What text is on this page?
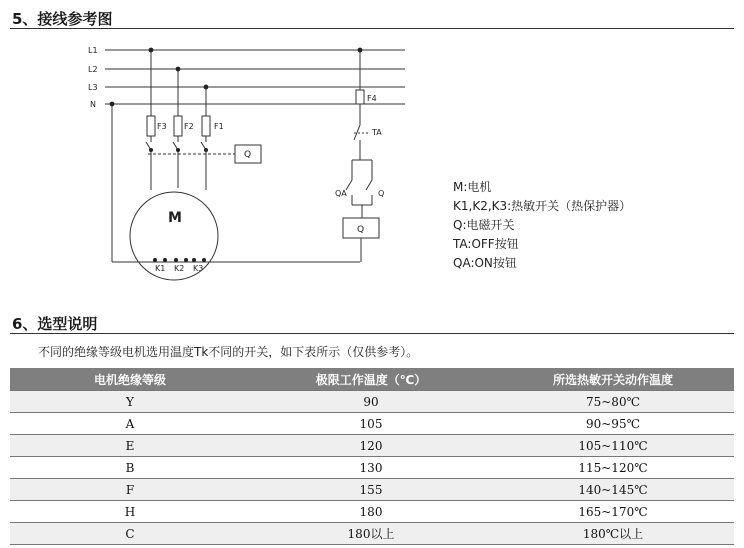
5、接线参考图
L1
L2
L3
N
F3 F2	F1
F4
Q
M
K1 K2 K3
TA
QA	Q
Q
M:电机
K1,K2,K3:热敏开关（热保护器）
Q:电磁开关
TA:OFF按钮
QA:ON按钮
6、选型说明
不同的绝缘等级电机选用温度Tk不同的开关，如下表所示（仅供参考）。
电机绝缘等级	极限工作温度（℃）	所选热敏开关动作温度
Y	90	75~80℃
A	105	90~95℃
E	120	105~110℃
B	130	115~120℃
F	155	140~145℃
H	180	165~170℃
C	180以上	180℃以上
